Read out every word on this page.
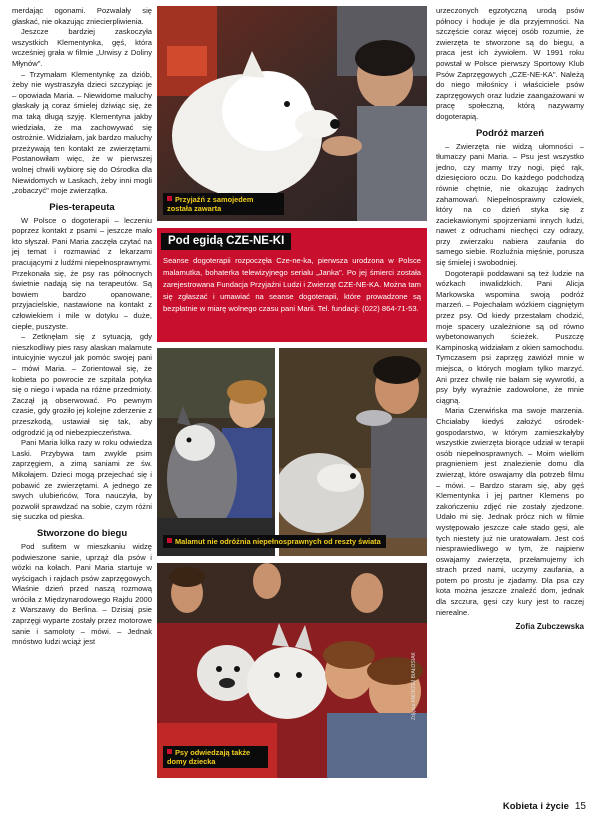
merdając ogonami. Pozwalały się głaskać, nie okazując zniecierpliwienia.

Jeszcze bardziej zaskoczyła wszystkich Klementynka, gęś, która wcześniej grała w filmie „Urwisy z Doliny Młynów".

– Trzymałam Klementynkę za dziób, żeby nie wystraszyła dzieci szczypiąc je – opowiada Maria. – Niewidome maluchy głaskały ją coraz śmielej dziwiąc się, że ma taką długą szyję. Klementyna jakby wiedziała, że ma zachowywać się ostrożnie. Widziałam, jak bardzo maluchy przeżywają ten kontakt ze zwierzętami. Postanowiłam więc, że w pierwszej wolnej chwili wybiorę się do Ośrodka dla Niewidomych w Laskach, żeby inni mogli „zobaczyć" moje zwierzątka.

Pies-terapeuta

W Polsce o dogoterapii – leczeniu poprzez kontakt z psami – jeszcze mało kto słyszał. Pani Maria zaczęła czytać na jej temat i rozmawiać z lekarzami pracującymi z ludźmi niepełnosprawnymi. Przekonała się, że psy ras północnych świetnie nadają się na terapeutów. Są bowiem bardzo opanowane, przyjacielskie, nastawione na kontakt z człowiekiem i mile w dotyku – duże, ciepłe, puszyste.

– Zetknęłam się z sytuacją, gdy nieszkodliwy pies rasy alaskan malamute intuicyjnie wyczuł jak pomóc swojej pani – mówi Maria. – Zorientował się, że kobieta po powrocie ze szpitala potyka się o niego i wpada na różne przedmioty. Zaczął ją obserwować. Po pewnym czasie, gdy groziło jej kolejne zderzenie z przeszkodą, ustawiał się tak, aby odgrodzić ją od niebezpieczeństwa.

Pani Maria kilka razy w roku odwiedza Laski. Przybywa tam zwykle psim zaprzęgiem, a zimą saniami ze św. Mikołajem. Dzieci mogą przejechać się i pobawić ze zwierzętami. A jednego ze swych ulubieńców, Tora nauczyła, by pozwolił sprawdzać na sobie, czym różni się suczka od pieska.

Stworzone do biegu

Pod sufitem w mieszkaniu widzę podwieszone sanie, uprząż dla psów i wózki na kołach. Pani Maria startuje w wyścigach i rajdach psów zaprzęgowych. Właśnie dzień przed naszą rozmową wróciła z Międzynarodowego Rajdu 2000 z Warszawy do Berlina. – Dzisiaj psie zaprzęgi wyparte zostały przez motorowe sanie i samoloty – mówi. – Jednak mnóstwo ludzi wciąż jest

Przyjaźń z samojedem została zawarta
Pod egidą CZE-NE-KI
Seanse dogoterapii rozpoczęła Cze-ne-ka, pierwsza urodzona w Polsce malamutka, bohaterka telewizyjnego serialu „Janka". Po jej śmierci została zarejestrowana Fundacja Przyjaźni Ludzi i Zwierząt CZE-NE-KA. Można tam się zgłaszać i umawiać na seanse dogoterapii, które prowadzone są bezpłatnie w miarę wolnego czasu pani Marii. Tel. fundacji: (022) 864-71-53.
Malamut nie odróżnia niepełnosprawnych od reszty świata
Psy odwiedzają także domy dziecka
Zdjęcia ANDRZEJ BIAŁOSIAK

urzeczonych egzotyczną urodą psów północy i hoduje je dla przyjemności. Na szczęście coraz więcej osób rozumie, że zwierzęta te stworzone są do biegu, a praca jest ich żywiołem. W 1991 roku powstał w Polsce pierwszy Sportowy Klub Psów Zaprzęgowych „CZE-NE-KA". Należą do niego miłośnicy i właściciele psów zaprzęgowych oraz ludzie zaangażowani w pracę społeczną, którą nazywamy dogoterapią.

Podróż marzeń

– Zwierzęta nie widzą ułomności – tłumaczy pani Maria. – Psu jest wszystko jedno, czy mamy trzy nogi, pięć rąk, dziesięciorо oczu. Do każdego podchodzą równie chętnie, nie okazując żadnych zahamowań. Niepełnosprawny człowiek, który na co dzień styka się z zaciekawionymi spojrzeniami innych ludzi, nawet z odruchami niechęci czy odrazy, przy zwierzaku nabiera zaufania do samego siebie. Rozluźnia mięśnie, porusza się śmielej i swobodniej.

Dogoterapii poddawani są też ludzie na wózkach inwalidzkich. Pani Alicja Markowska wspomina swoją podróż marzeń. – Pojechałam wózkiem ciągniętym przez psy. Od kiedy przestałam chodzić, moje spacery uzależnione są od równo wybetonowanych ścieżek. Puszczę Kampinoską widziałam z okien samochodu. Tymczasem psi zaprzęg zawiózł mnie w miejsca, o których mogłam tylko marzyć. Ani przez chwilę nie bałam się wywrotki, a psy były wyraźnie zadowolone, że mnie ciągną.

Maria Czerwińska ma swoje marzenia. Chciałaby kiedyś założyć ośrodek-gospodarstwo, w którym zamieszkałyby wszystkie zwierzęta biorące udział w terapii osób niepełnosprawnych. – Moim wielkim pragnieniem jest znalezienie domu dla zwierząt, które oswajamy dla potrzeb filmu – mówi. – Bardzo staram się, aby gęś Klementynka i jej partner Klemens po zakończeniu zdjęć nie zostały zjedzone. Udało mi się. Jednak prócz nich w filmie występowało jeszcze całe stado gęsi, ale tych niestety już nie uratowałam. Jest coś niesprawiedliwego w tym, że najpierw oswajamy zwierzęta, przełamujemy ich strach przed nami, uczymy zaufania, a potem po prostu je zjadamy. Dla psa czy kota można jeszcze znaleźć dom, jednak dla szczura, gęsi czy kury jest to raczej nierealne.

Zofia Zubczewska
Kobieta i życie 15
